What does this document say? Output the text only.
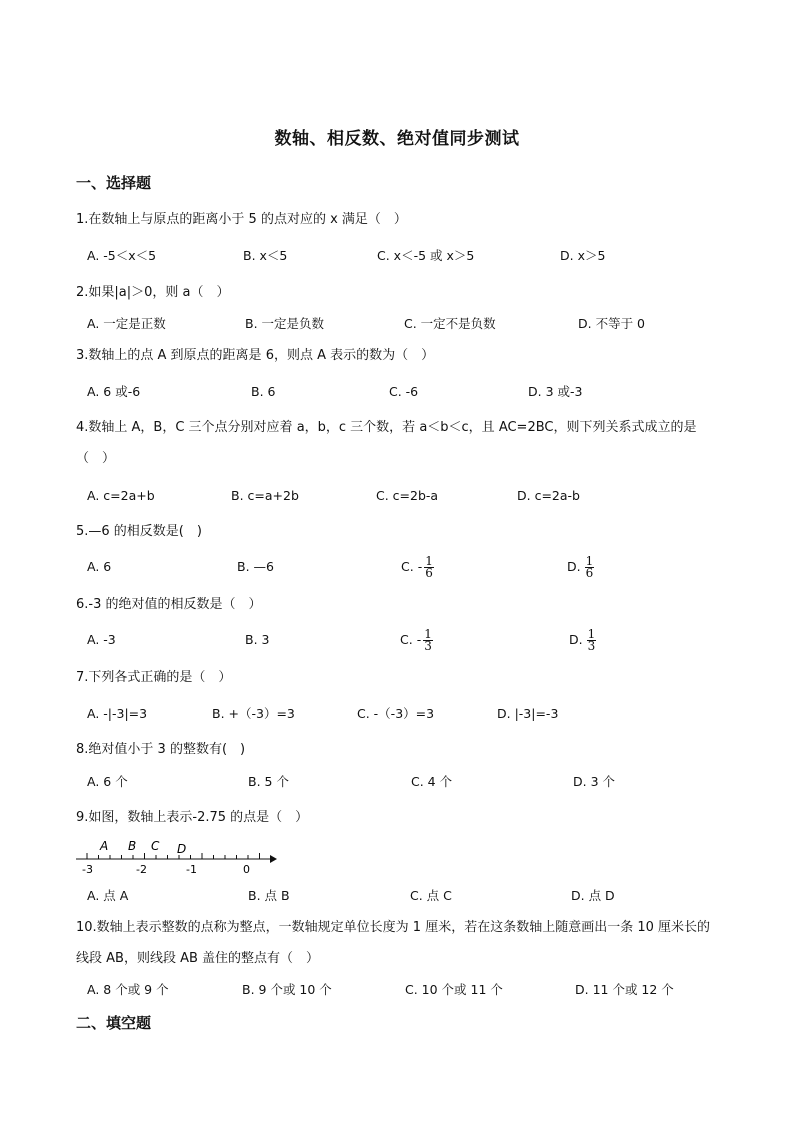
数轴、相反数、绝对值同步测试
一、选择题
1.在数轴上与原点的距离小于 5 的点对应的 x 满足（　）
A. -5＜x＜5	B. x＜5	C. x＜-5 或 x＞5	D. x＞5
2.如果|a|＞0，则 a（　）
A. 一定是正数	B. 一定是负数	C. 一定不是负数	D. 不等于 0
3.数轴上的点 A 到原点的距离是 6，则点 A 表示的数为（　）
A. 6 或-6	B. 6	C. -6	D. 3 或-3
4.数轴上 A，B，C 三个点分别对应着 a，b，c 三个数，若 a＜b＜c，且 AC=2BC，则下列关系式成立的是（　）
A. c=2a+b	B. c=a+2b	C. c=2b-a	D. c=2a-b
5.—6 的相反数是(　)
A. 6	B. —6	C. - $\frac{1}{6}$	D. $\frac{1}{6}$
6.-3 的绝对值的相反数是（　）
A. -3	B. 3	C. - $\frac{1}{3}$	D. $\frac{1}{3}$
7.下列各式正确的是（　）
A. -|-3|=3	B. +（-3）=3	C. -（-3）=3	D. |-3|=-3
8.绝对值小于 3 的整数有(　)
A. 6 个	B. 5 个	C. 4 个	D. 3 个
9.如图，数轴上表示-2.75 的点是（　）
A B C D
-3	-2	-1	0
A. 点 A	B. 点 B	C. 点 C	D. 点 D
10.数轴上表示整数的点称为整点，一数轴规定单位长度为 1 厘米，若在这条数轴上随意画出一条 10 厘米长的线段 AB，则线段 AB 盖住的整点有（　）
A. 8 个或 9 个	B. 9 个或 10 个	C. 10 个或 11 个	D. 11 个或 12 个
二、填空题
